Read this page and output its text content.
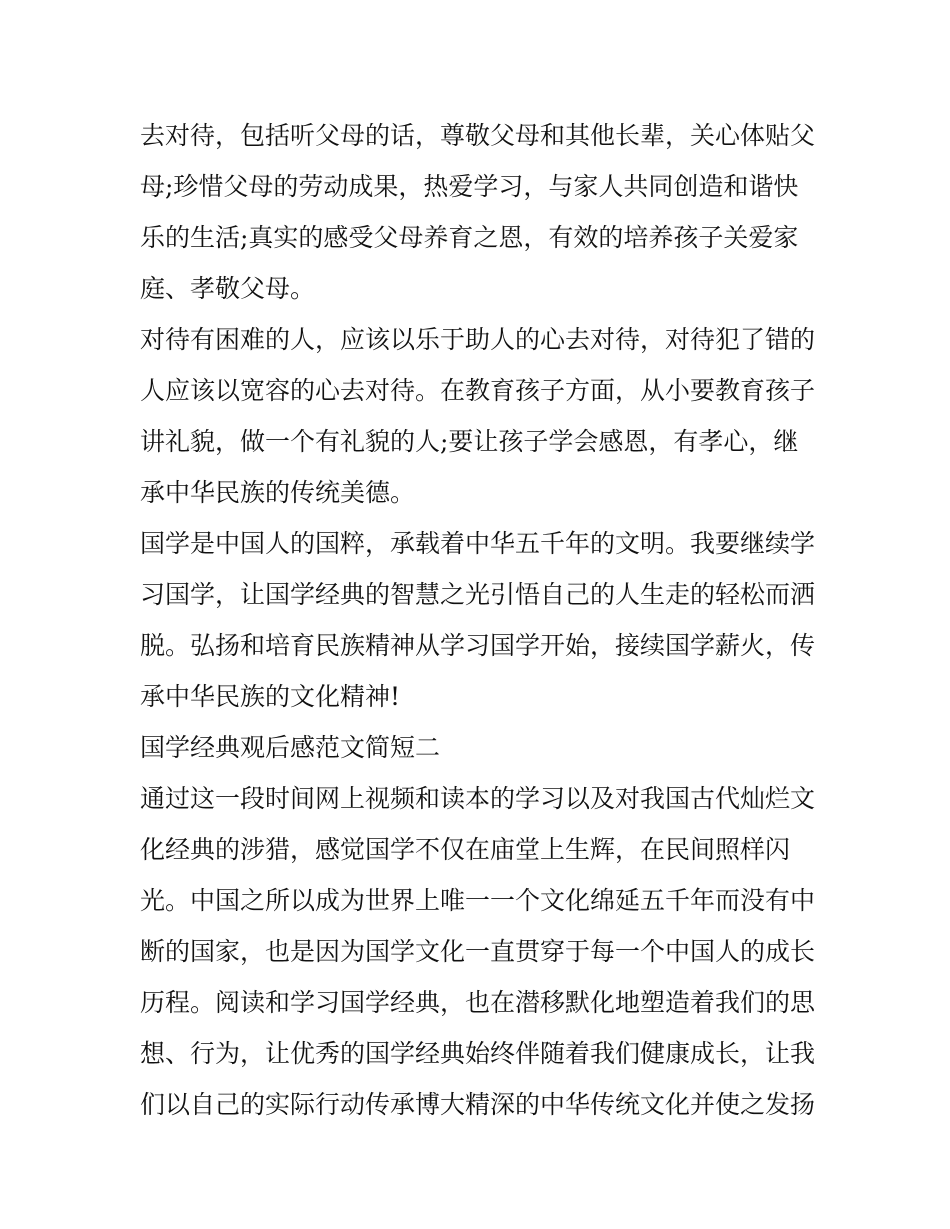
去对待，包括听父母的话，尊敬父母和其他长辈，关心体贴父
母;珍惜父母的劳动成果，热爱学习，与家人共同创造和谐快
乐的生活;真实的感受父母养育之恩，有效的培养孩子关爱家
庭、孝敬父母。
对待有困难的人，应该以乐于助人的心去对待，对待犯了错的
人应该以宽容的心去对待。在教育孩子方面，从小要教育孩子
讲礼貌，做一个有礼貌的人;要让孩子学会感恩，有孝心，继
承中华民族的传统美德。
国学是中国人的国粹，承载着中华五千年的文明。我要继续学
习国学，让国学经典的智慧之光引悟自己的人生走的轻松而洒
脱。弘扬和培育民族精神从学习国学开始，接续国学薪火，传
承中华民族的文化精神!
国学经典观后感范文简短二
通过这一段时间网上视频和读本的学习以及对我国古代灿烂文
化经典的涉猎，感觉国学不仅在庙堂上生辉，在民间照样闪
光。中国之所以成为世界上唯一一个文化绵延五千年而没有中
断的国家，也是因为国学文化一直贯穿于每一个中国人的成长
历程。阅读和学习国学经典，也在潜移默化地塑造着我们的思
想、行为，让优秀的国学经典始终伴随着我们健康成长，让我
们以自己的实际行动传承博大精深的中华传统文化并使之发扬
